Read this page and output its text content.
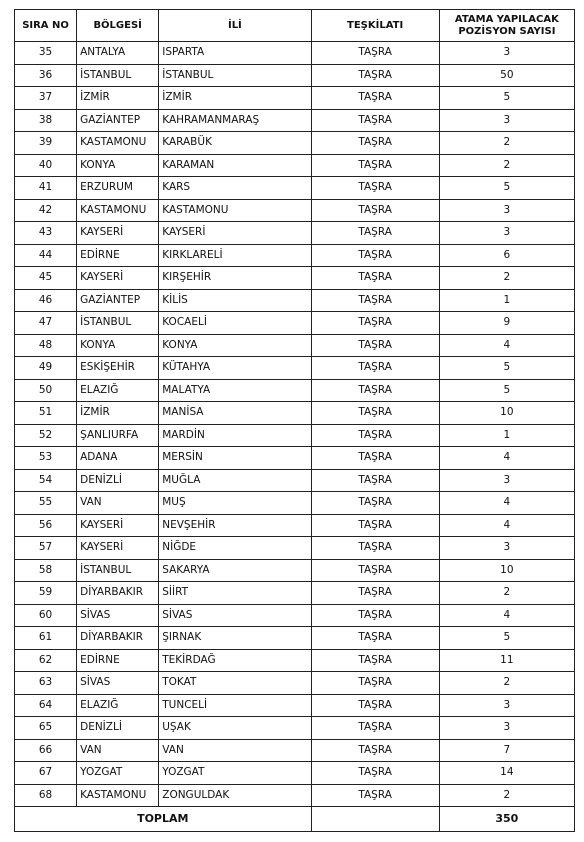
SIRA NO	BÖLGESİ	İLİ	TEŞKİLATI	ATAMA YAPILACAK
POZİSYON SAYISI
35	ANTALYA	ISPARTA	TAŞRA	3
36	İSTANBUL	İSTANBUL	TAŞRA	50
37	İZMİR	İZMİR	TAŞRA	5
38	GAZİANTEP	KAHRAMANMARAŞ	TAŞRA	3
39	KASTAMONU	KARABÜK	TAŞRA	2
40	KONYA	KARAMAN	TAŞRA	2
41	ERZURUM	KARS	TAŞRA	5
42	KASTAMONU	KASTAMONU	TAŞRA	3
43	KAYSERİ	KAYSERİ	TAŞRA	3
44	EDİRNE	KIRKLARELİ	TAŞRA	6
45	KAYSERİ	KIRŞEHİR	TAŞRA	2
46	GAZİANTEP	KİLİS	TAŞRA	1
47	İSTANBUL	KOCAELİ	TAŞRA	9
48	KONYA	KONYA	TAŞRA	4
49	ESKİŞEHİR	KÜTAHYA	TAŞRA	5
50	ELAZIĞ	MALATYA	TAŞRA	5
51	İZMİR	MANİSA	TAŞRA	10
52	ŞANLIURFA	MARDİN	TAŞRA	1
53	ADANA	MERSİN	TAŞRA	4
54	DENİZLİ	MUĞLA	TAŞRA	3
55	VAN	MUŞ	TAŞRA	4
56	KAYSERİ	NEVŞEHİR	TAŞRA	4
57	KAYSERİ	NİĞDE	TAŞRA	3
58	İSTANBUL	SAKARYA	TAŞRA	10
59	DİYARBAKIR	SİİRT	TAŞRA	2
60	SİVAS	SİVAS	TAŞRA	4
61	DİYARBAKIR	ŞIRNAK	TAŞRA	5
62	EDİRNE	TEKİRDAĞ	TAŞRA	11
63	SİVAS	TOKAT	TAŞRA	2
64	ELAZIĞ	TUNCELİ	TAŞRA	3
65	DENİZLİ	UŞAK	TAŞRA	3
66	VAN	VAN	TAŞRA	7
67	YOZGAT	YOZGAT	TAŞRA	14
68	KASTAMONU	ZONGULDAK	TAŞRA	2
TOPLAM				350
